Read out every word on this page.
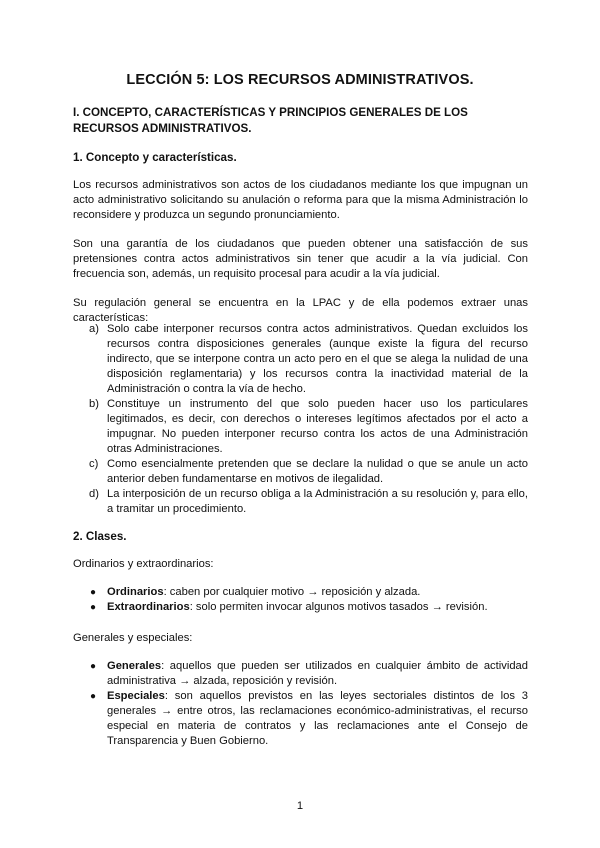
LECCIÓN 5: LOS RECURSOS ADMINISTRATIVOS.
I. CONCEPTO, CARACTERÍSTICAS Y PRINCIPIOS GENERALES DE LOS RECURSOS ADMINISTRATIVOS.
1. Concepto y características.
Los recursos administrativos son actos de los ciudadanos mediante los que impugnan un acto administrativo solicitando su anulación o reforma para que la misma Administración lo reconsidere y produzca un segundo pronunciamiento.
Son una garantía de los ciudadanos que pueden obtener una satisfacción de sus pretensiones contra actos administrativos sin tener que acudir a la vía judicial. Con frecuencia son, además, un requisito procesal para acudir a la vía judicial.
Su regulación general se encuentra en la LPAC y de ella podemos extraer unas características:
a) Solo cabe interponer recursos contra actos administrativos. Quedan excluidos los recursos contra disposiciones generales (aunque existe la figura del recurso indirecto, que se interpone contra un acto pero en el que se alega la nulidad de una disposición reglamentaria) y los recursos contra la inactividad material de la Administración o contra la vía de hecho.
b) Constituye un instrumento del que solo pueden hacer uso los particulares legitimados, es decir, con derechos o intereses legítimos afectados por el acto a impugnar. No pueden interponer recurso contra los actos de una Administración otras Administraciones.
c) Como esencialmente pretenden que se declare la nulidad o que se anule un acto anterior deben fundamentarse en motivos de ilegalidad.
d) La interposición de un recurso obliga a la Administración a su resolución y, para ello, a tramitar un procedimiento.
2. Clases.
Ordinarios y extraordinarios:
● Ordinarios: caben por cualquier motivo → reposición y alzada.
● Extraordinarios: solo permiten invocar algunos motivos tasados → revisión.
Generales y especiales:
● Generales: aquellos que pueden ser utilizados en cualquier ámbito de actividad administrativa → alzada, reposición y revisión.
● Especiales: son aquellos previstos en las leyes sectoriales distintos de los 3 generales → entre otros, las reclamaciones económico-administrativas, el recurso especial en materia de contratos y las reclamaciones ante el Consejo de Transparencia y Buen Gobierno.
1
